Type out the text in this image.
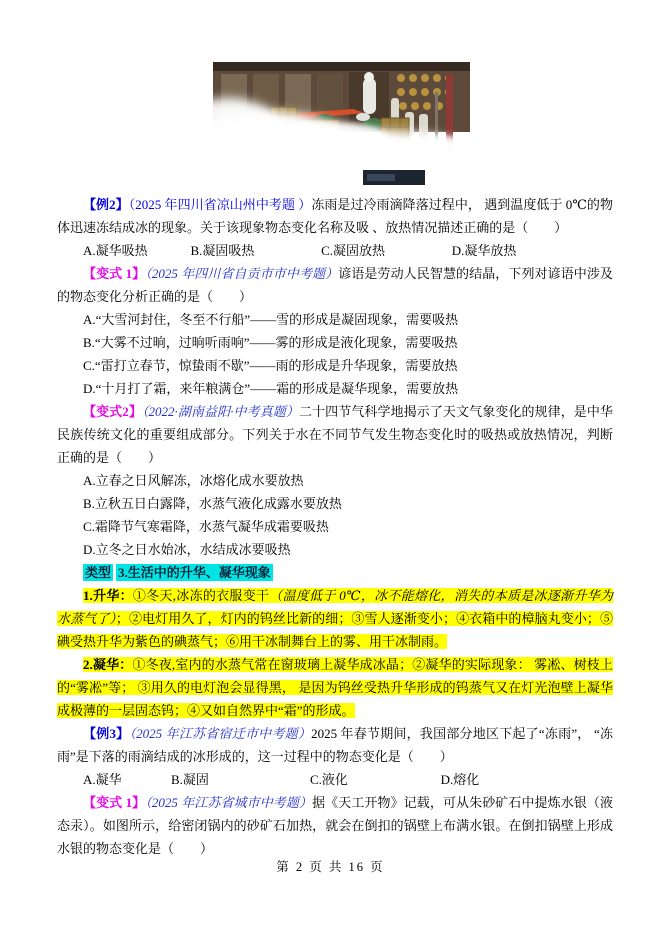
【例2】（2025 年四川省凉山州中考题 ）冻雨是过冷雨滴降落过程中， 遇到温度低于 0℃的物体迅速冻结成冰的现象。关于该现象物态变化名称及吸 、放热情况描述正确的是（　　）

A.凝华吸热	B.凝固吸热	C.凝固放热	D.凝华放热

【变式 1】（2025 年四川省自贡市市中考题）谚语是劳动人民智慧的结晶，下列对谚语中涉及的物态变化分析正确的是（　　）

A.“大雪河封住，冬至不行船”——雪的形成是凝固现象，需要吸热

B.“大雾不过晌，过晌听雨响”——雾的形成是液化现象，需要吸热

C.“雷打立春节，惊蛰雨不歇”——雨的形成是升华现象，需要放热

D.“十月打了霜，来年粮满仓”——霜的形成是凝华现象，需要放热

【变式2】（2022·湖南益阳·中考真题）二十四节气科学地揭示了天文气象变化的规律，是中华民族传统文化的重要组成部分。下列关于水在不同节气发生物态变化时的吸热或放热情况，判断正确的是（　　）

A.立春之日风解冻，冰熔化成水要放热

B.立秋五日白露降，水蒸气液化成露水要放热

C.霜降节气寒霜降，水蒸气凝华成霜要吸热

D.立冬之日水始冰，水结成冰要吸热

类型 3.生活中的升华、凝华现象

1.升华：①冬天,冰冻的衣服变干（温度低于 0℃，冰不能熔化，消失的本质是冰逐渐升华为水蒸气了）；②电灯用久了，灯内的钨丝比新的细；③雪人逐渐变小；④衣箱中的樟脑丸变小；⑤碘受热升华为紫色的碘蒸气；⑥用干冰制舞台上的雾、用干冰制雨。

2.凝华：①冬夜,室内的水蒸气常在窗玻璃上凝华成冰晶；②凝华的实际现象： 雾凇、树枝上的“雾凇”等； ③用久的电灯泡会显得黑， 是因为钨丝受热升华形成的钨蒸气又在灯光泡壁上凝华成极薄的一层固态钨；④又如自然界中“霜”的形成。

【例3】（2025 年江苏省宿迁市中考题）2025 年春节期间，我国部分地区下起了“冻雨”， “冻雨”是下落的雨滴结成的冰形成的，这一过程中的物态变化是（　　）

A.凝华	B.凝固	C.液化	D.熔化

【变式 1】（2025 年江苏省城市中考题）据《天工开物》记载，可从朱砂矿石中提炼水银（液态汞）。如图所示，给密闭锅内的砂矿石加热，就会在倒扣的锅壁上布满水银。在倒扣锅壁上形成水银的物态变化是（　　）

第 2 页 共 16 页
